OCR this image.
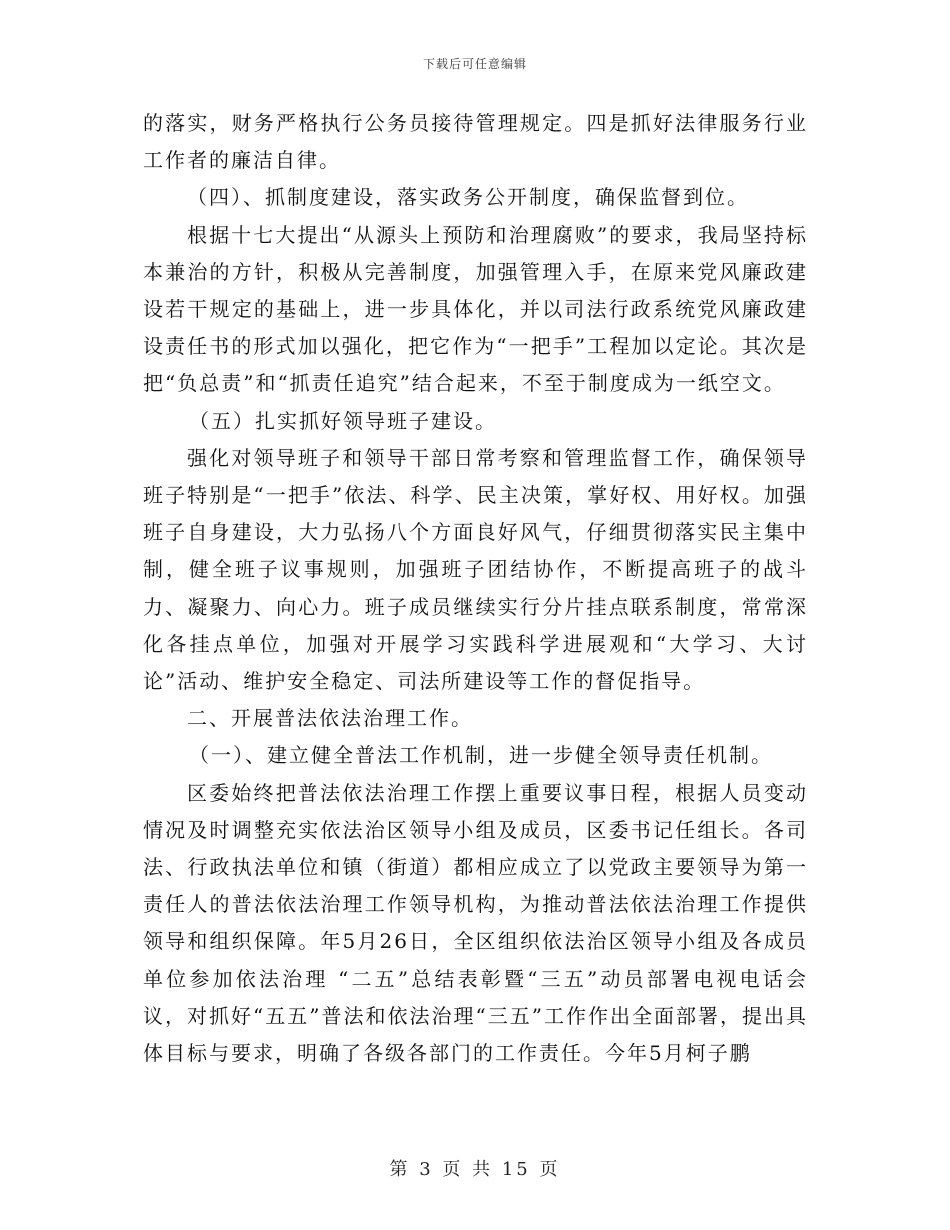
下载后可任意编辑

的落实，财务严格执行公务员接待管理规定。四是抓好法律服务行业工作者的廉洁自律。

（四）、抓制度建设，落实政务公开制度，确保监督到位。

根据十七大提出“从源头上预防和治理腐败”的要求，我局坚持标本兼治的方针，积极从完善制度，加强管理入手，在原来党风廉政建设若干规定的基础上，进一步具体化，并以司法行政系统党风廉政建设责任书的形式加以强化，把它作为“一把手”工程加以定论。其次是把“负总责”和“抓责任追究”结合起来，不至于制度成为一纸空文。

（五）扎实抓好领导班子建设。

强化对领导班子和领导干部日常考察和管理监督工作，确保领导班子特别是“一把手”依法、科学、民主决策，掌好权、用好权。加强班子自身建设，大力弘扬八个方面良好风气，仔细贯彻落实民主集中制，健全班子议事规则，加强班子团结协作，不断提高班子的战斗力、凝聚力、向心力。班子成员继续实行分片挂点联系制度，常常深化各挂点单位，加强对开展学习实践科学进展观和“大学习、大讨论”活动、维护安全稳定、司法所建设等工作的督促指导。

二、开展普法依法治理工作。

（一）、建立健全普法工作机制，进一步健全领导责任机制。

区委始终把普法依法治理工作摆上重要议事日程，根据人员变动情况及时调整充实依法治区领导小组及成员，区委书记任组长。各司法、行政执法单位和镇（街道）都相应成立了以党政主要领导为第一责任人的普法依法治理工作领导机构，为推动普法依法治理工作提供领导和组织保障。年5月26日，全区组织依法治区领导小组及各成员单位参加依法治理 “二五”总结表彰暨“三五”动员部署电视电话会议，对抓好“五五”普法和依法治理“三五”工作作出全面部署，提出具体目标与要求，明确了各级各部门的工作责任。今年5月柯子鹏

第 3 页 共 15 页
